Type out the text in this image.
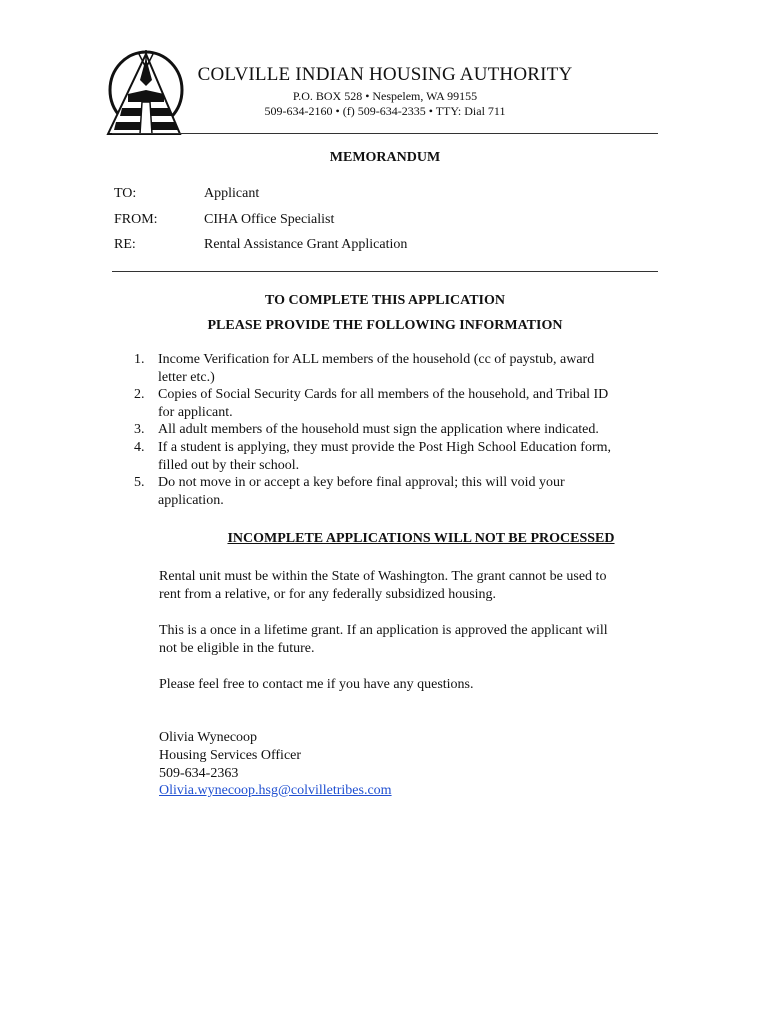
COLVILLE INDIAN HOUSING AUTHORITY
P.O. BOX 528 • Nespelem, WA 99155
509-634-2160 • (f) 509-634-2335 • TTY: Dial 711
MEMORANDUM
TO:	Applicant
FROM:	CIHA Office Specialist
RE:	Rental Assistance Grant Application
TO COMPLETE THIS APPLICATION
PLEASE PROVIDE THE FOLLOWING INFORMATION
1. Income Verification for ALL members of the household (cc of paystub, award
letter etc.)
2. Copies of Social Security Cards for all members of the household, and Tribal ID
for applicant.
3. All adult members of the household must sign the application where indicated.
4. If a student is applying, they must provide the Post High School Education form,
filled out by their school.
5. Do not move in or accept a key before final approval; this will void your
application.
INCOMPLETE APPLICATIONS WILL NOT BE PROCESSED
Rental unit must be within the State of Washington. The grant cannot be used to
rent from a relative, or for any federally subsidized housing.
This is a once in a lifetime grant. If an application is approved the applicant will
not be eligible in the future.
Please feel free to contact me if you have any questions.
Olivia Wynecoop
Housing Services Officer
509-634-2363
Olivia.wynecoop.hsg@colvilletribes.com
